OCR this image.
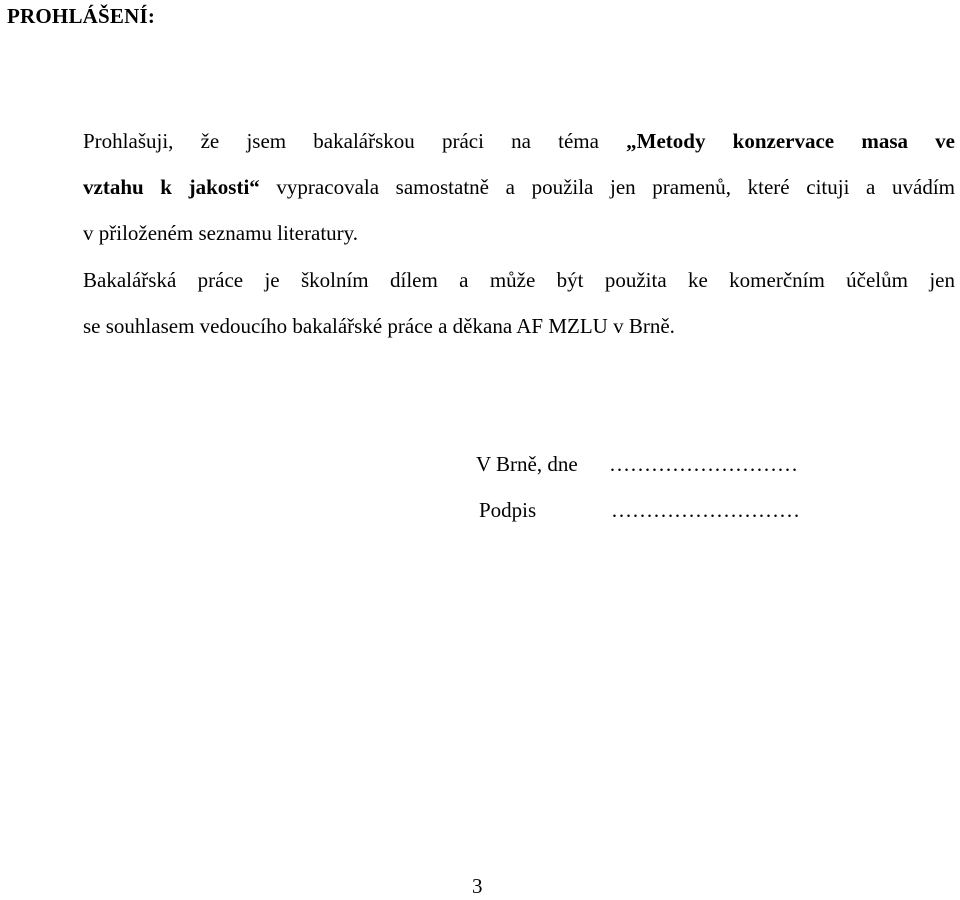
PROHLÁŠENÍ:

Prohlašuji, že jsem bakalářskou práci na téma „Metody konzervace masa ve
vztahu k jakosti“ vypracovala samostatně a použila jen pramenů, které cituji a uvádím
v přiloženém seznamu literatury.

Bakalářská práce je školním dílem a může být použita ke komerčním účelům jen
se souhlasem vedoucího bakalářské práce a děkana AF MZLU v Brně.

V Brně, dne ………………………
Podpis	………………………
3
